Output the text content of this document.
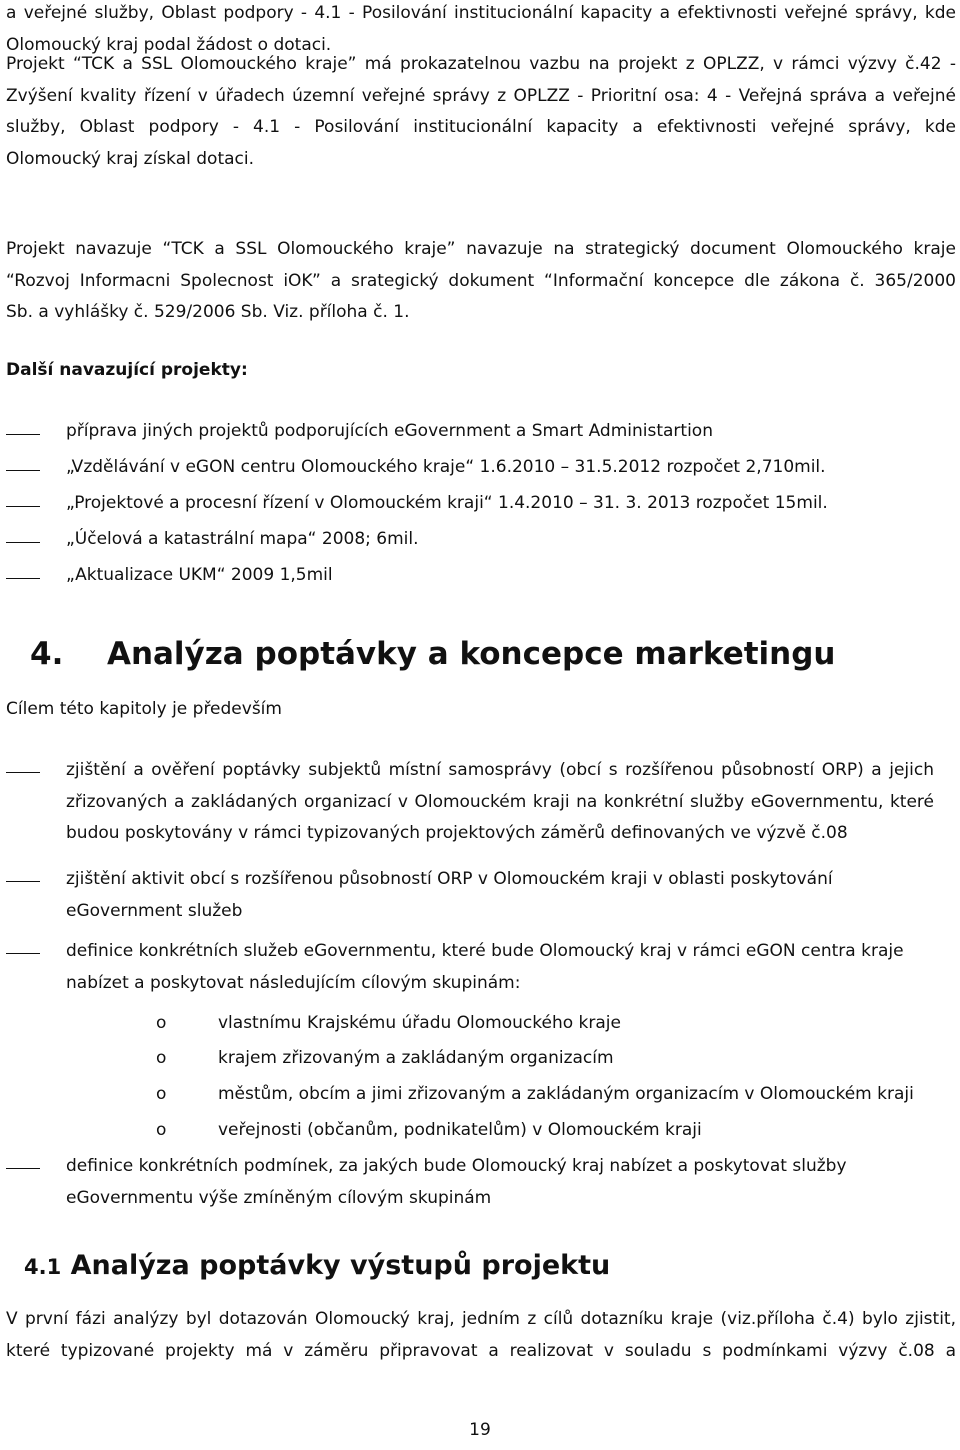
a veřejné služby, Oblast podpory - 4.1 - Posilování institucionální kapacity a efektivnosti veřejné správy, kde
Olomoucký kraj podal žádost o dotaci.
Projekt “TCK a SSL Olomouckého kraje” má prokazatelnou vazbu na projekt z OPLZZ, v rámci výzvy č.42 -
Zvýšení kvality řízení v úřadech územní veřejné správy z OPLZZ - Prioritní osa: 4 - Veřejná správa a veřejné
služby, Oblast podpory - 4.1 - Posilování institucionální kapacity a efektivnosti veřejné správy, kde
Olomoucký kraj získal dotaci.
Projekt navazuje “TCK a SSL Olomouckého kraje” navazuje na strategický document Olomouckého kraje
“Rozvoj Informacni Spolecnost iOK” a srategický dokument “Informační koncepce dle zákona č. 365/2000
Sb. a vyhlášky č. 529/2006 Sb. Viz. příloha č. 1.
Další navazující projekty:
příprava jiných projektů podporujících eGovernment a Smart Administartion
„Vzdělávání v eGON centru Olomouckého kraje“ 1.6.2010 – 31.5.2012 rozpočet 2,710mil.
„Projektové a procesní řízení v Olomouckém kraji“ 1.4.2010 – 31. 3. 2013 rozpočet 15mil.
„Účelová a katastrální mapa“ 2008; 6mil.
„Aktualizace UKM“ 2009 1,5mil
4. Analýza poptávky a koncepce marketingu
Cílem této kapitoly je především
zjištění a ověření poptávky subjektů místní samosprávy (obcí s rozšířenou působností ORP) a jejich
zřizovaných a zakládaných organizací v Olomouckém kraji na konkrétní služby eGovernmentu, které
budou poskytovány v rámci typizovaných projektových záměrů definovaných ve výzvě č.08
zjištění aktivit obcí s rozšířenou působností ORP v Olomouckém kraji v oblasti poskytování
eGovernment služeb
definice konkrétních služeb eGovernmentu, které bude Olomoucký kraj v rámci eGON centra kraje
nabízet a poskytovat následujícím cílovým skupinám:
o	vlastnímu Krajskému úřadu Olomouckého kraje
o	krajem zřizovaným a zakládaným organizacím
o	městům, obcím a jimi zřizovaným a zakládaným organizacím v Olomouckém kraji
o	veřejnosti (občanům, podnikatelům) v Olomouckém kraji
definice konkrétních podmínek, za jakých bude Olomoucký kraj nabízet a poskytovat služby
eGovernmentu výše zmíněným cílovým skupinám
4.1 Analýza poptávky výstupů projektu
V první fázi analýzy byl dotazován Olomoucký kraj, jedním z cílů dotazníku kraje (viz.příloha č.4) bylo zjistit,
které typizované projekty má v záměru připravovat a realizovat v souladu s podmínkami výzvy č.08 a
19
